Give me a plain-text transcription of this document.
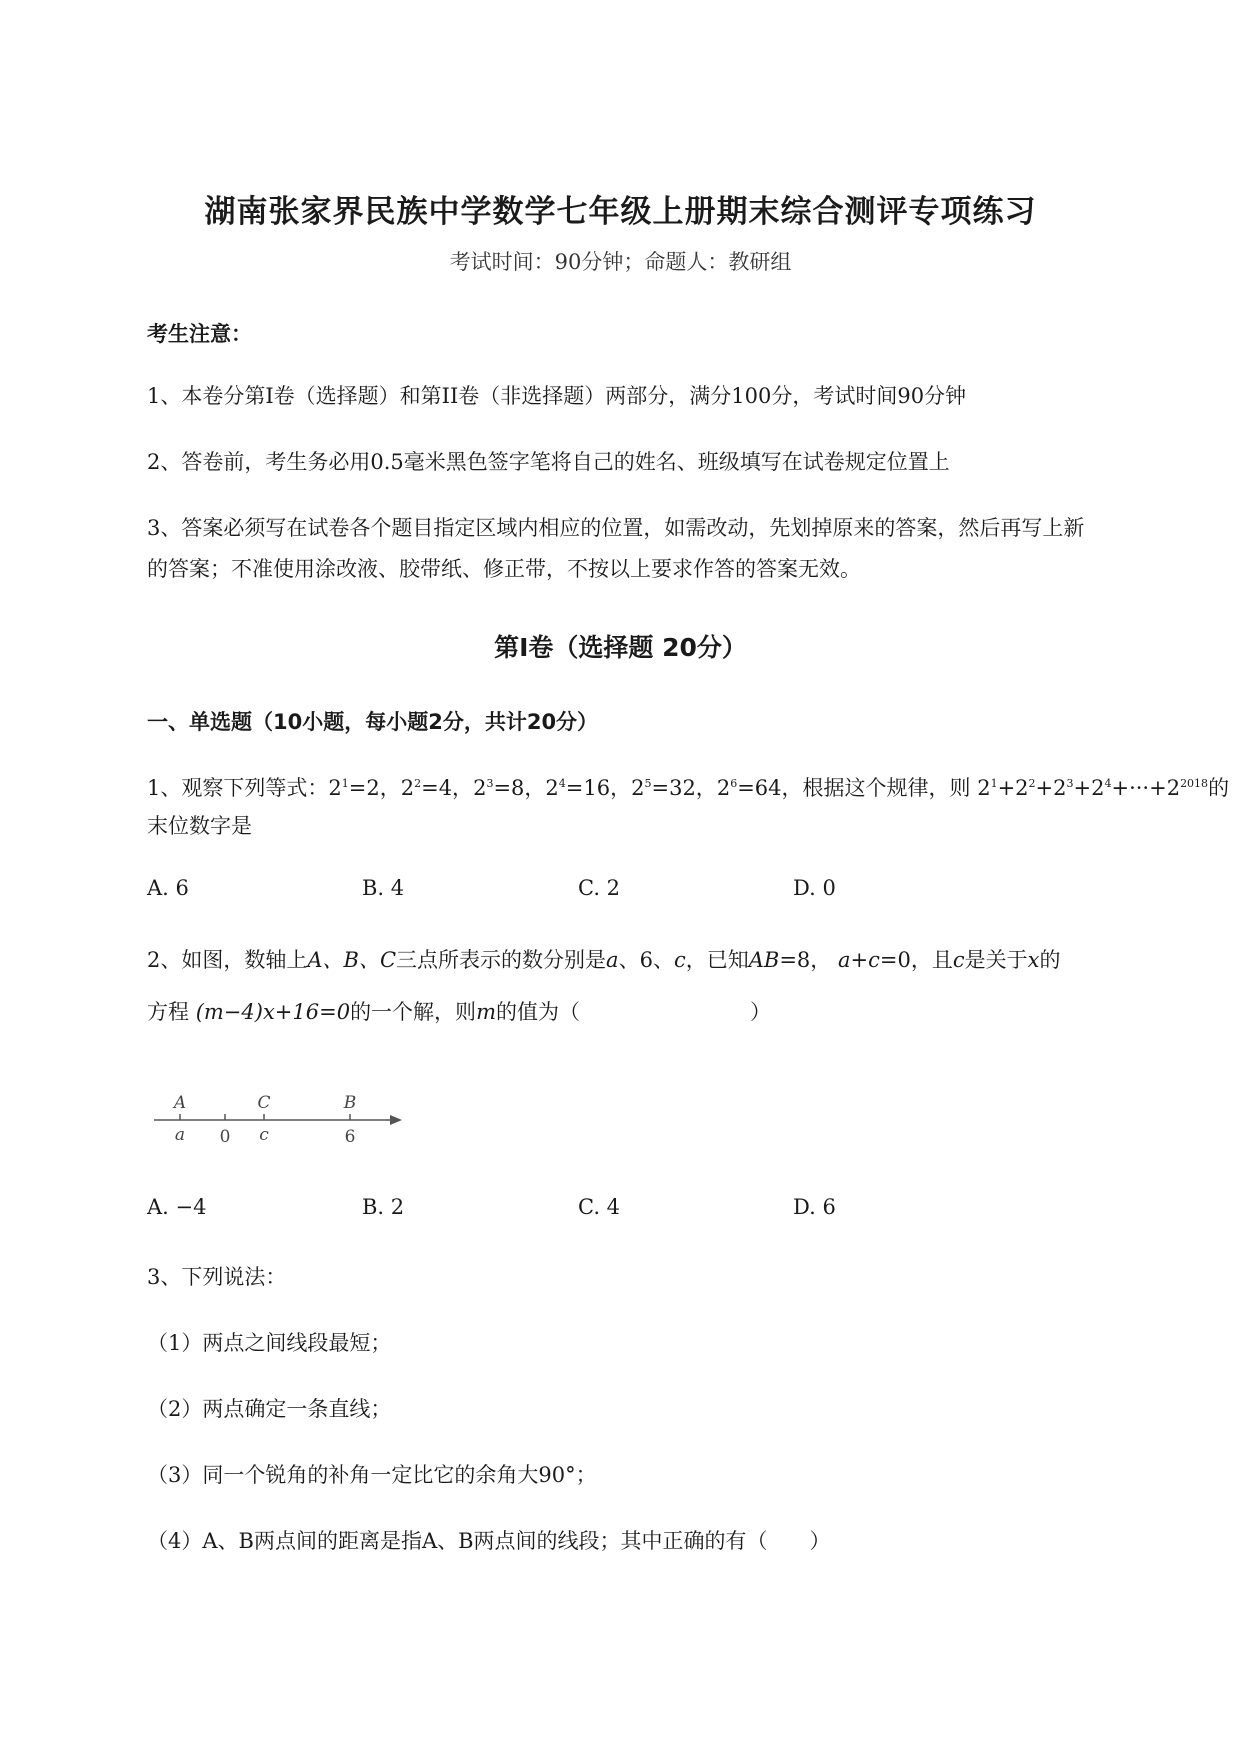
湖南张家界民族中学数学七年级上册期末综合测评专项练习
考试时间：90分钟；命题人：教研组
考生注意：
1、本卷分第I卷（选择题）和第II卷（非选择题）两部分，满分100分，考试时间90分钟
2、答卷前，考生务必用0.5毫米黑色签字笔将自己的姓名、班级填写在试卷规定位置上
3、答案必须写在试卷各个题目指定区域内相应的位置，如需改动，先划掉原来的答案，然后再写上新
的答案；不准使用涂改液、胶带纸、修正带，不按以上要求作答的答案无效。
第I卷（选择题 20分）
一、单选题（10小题，每小题2分，共计20分）
1、观察下列等式：$2^1=2$，$2^2=4$，$2^3=8$，$2^4=16$，$2^5=32$，$2^6=64$，根据这个规律，则 $2^1+2^2+2^3+2^4+\cdot\cdot\cdot+2^{2018}$的
末位数字是
A. 6	B. 4	C. 2	D. 0
2、如图，数轴上A、B、C三点所表示的数分别是a、6、c，已知AB=8， a+c=0，且c是关于x的
方程 (m−4)x+16=0的一个解，则m的值为（	）
A	C	B
a 0 c	6
A. −4	B. 2	C. 4	D. 6
3、下列说法：
（1）两点之间线段最短；
（2）两点确定一条直线；
（3）同一个锐角的补角一定比它的余角大90°；
（4）A、B两点间的距离是指A、B两点间的线段；其中正确的有（　　）
